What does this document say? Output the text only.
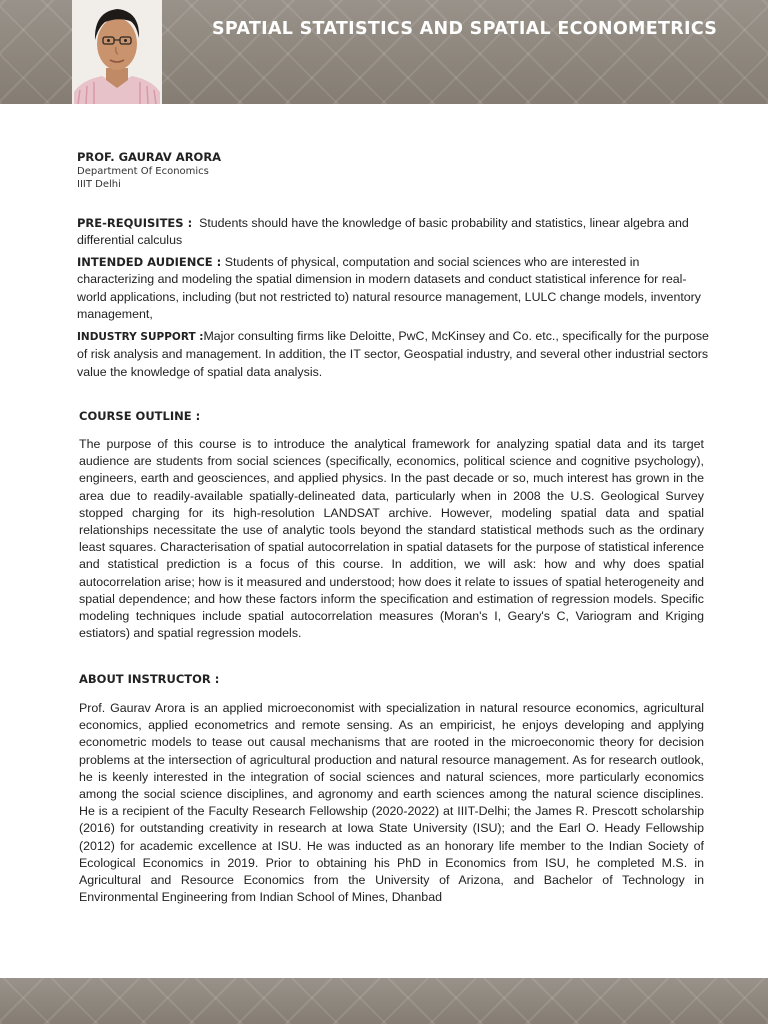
SPATIAL STATISTICS AND SPATIAL ECONOMETRICS
PROF. GAURAV ARORA
Department Of Economics
IIIT Delhi

PRE-REQUISITES : Students should have the knowledge of basic probability and statistics, linear algebra and differential calculus

INTENDED AUDIENCE : Students of physical, computation and social sciences who are interested in characterizing and modeling the spatial dimension in modern datasets and conduct statistical inference for real-world applications, including (but not restricted to) natural resource management, LULC change models, inventory management,

INDUSTRY SUPPORT :Major consulting firms like Deloitte, PwC, McKinsey and Co. etc., specifically for the purpose of risk analysis and management. In addition, the IT sector, Geospatial industry, and several other industrial sectors value the knowledge of spatial data analysis.

COURSE OUTLINE :

The purpose of this course is to introduce the analytical framework for analyzing spatial data and its target audience are students from social sciences (specifically, economics, political science and cognitive psychology), engineers, earth and geosciences, and applied physics. In the past decade or so, much interest has grown in the area due to readily-available spatially-delineated data, particularly when in 2008 the U.S. Geological Survey stopped charging for its high-resolution LANDSAT archive. However, modeling spatial data and spatial relationships necessitate the use of analytic tools beyond the standard statistical methods such as the ordinary least squares. Characterisation of spatial autocorrelation in spatial datasets for the purpose of statistical inference and statistical prediction is a focus of this course. In addition, we will ask: how and why does spatial autocorrelation arise; how is it measured and understood; how does it relate to issues of spatial heterogeneity and spatial dependence; and how these factors inform the specification and estimation of regression models. Specific modeling techniques include spatial autocorrelation measures (Moran's I, Geary's C, Variogram and Kriging estiators) and spatial regression models.

ABOUT INSTRUCTOR :

Prof. Gaurav Arora is an applied microeconomist with specialization in natural resource economics, agricultural economics, applied econometrics and remote sensing. As an empiricist, he enjoys developing and applying econometric models to tease out causal mechanisms that are rooted in the microeconomic theory for decision problems at the intersection of agricultural production and natural resource management. As for research outlook, he is keenly interested in the integration of social sciences and natural sciences, more particularly economics among the social science disciplines, and agronomy and earth sciences among the natural science disciplines. He is a recipient of the Faculty Research Fellowship (2020-2022) at IIIT-Delhi; the James R. Prescott scholarship (2016) for outstanding creativity in research at Iowa State University (ISU); and the Earl O. Heady Fellowship (2012) for academic excellence at ISU. He was inducted as an honorary life member to the Indian Society of Ecological Economics in 2019. Prior to obtaining his PhD in Economics from ISU, he completed M.S. in Agricultural and Resource Economics from the University of Arizona, and Bachelor of Technology in Environmental Engineering from Indian School of Mines, Dhanbad
